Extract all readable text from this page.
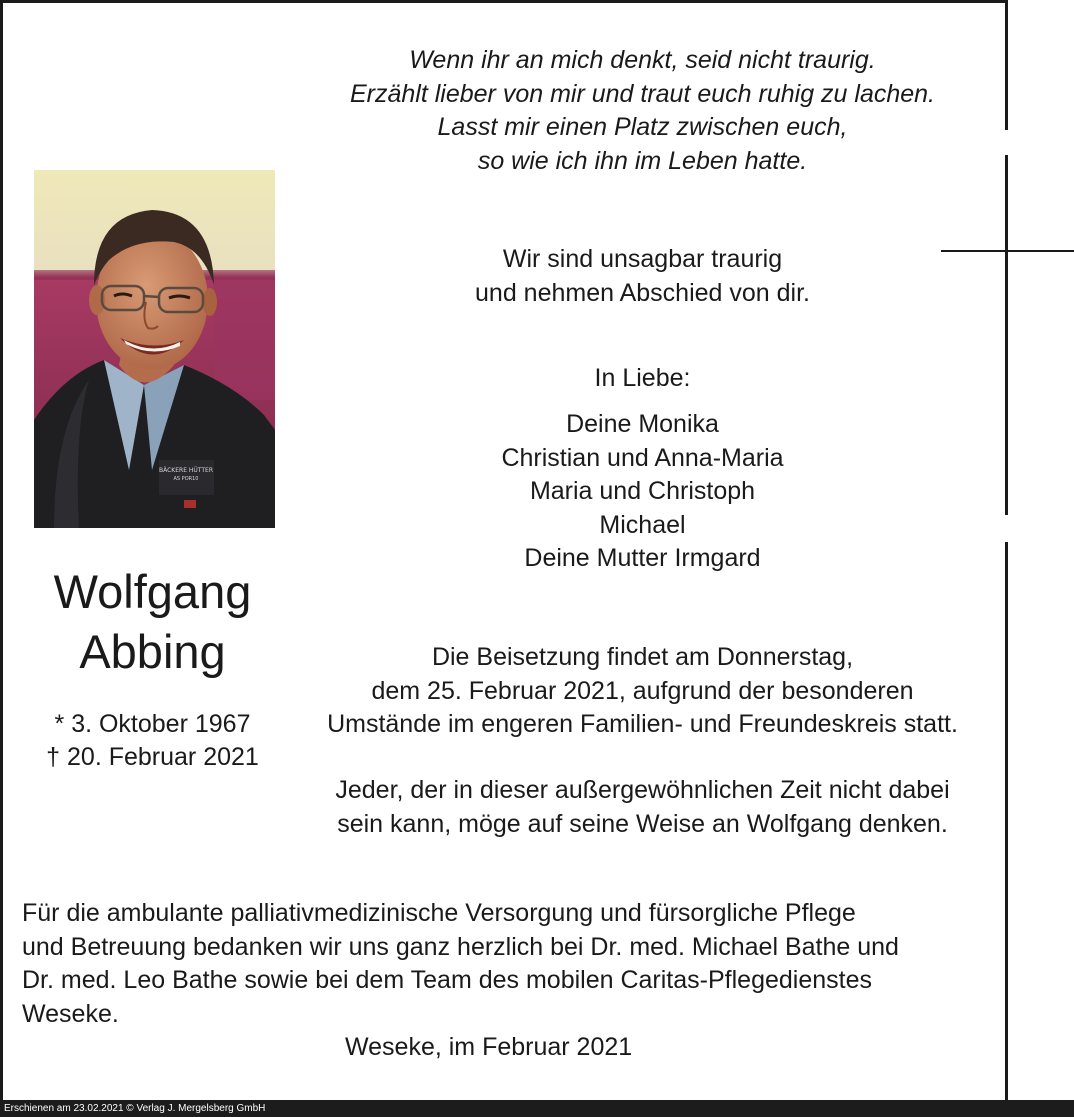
Wenn ihr an mich denkt, seid nicht traurig.
Erzählt lieber von mir und traut euch ruhig zu lachen.
Lasst mir einen Platz zwischen euch,
so wie ich ihn im Leben hatte.
BÄCKERE HÜTTER
AS POR10
Wolfgang
Abbing
* 3. Oktober 1967
† 20. Februar 2021
Wir sind unsagbar traurig
und nehmen Abschied von dir.
In Liebe:
Deine Monika
Christian und Anna-Maria
Maria und Christoph
Michael
Deine Mutter Irmgard
Die Beisetzung findet am Donnerstag,
dem 25. Februar 2021, aufgrund der besonderen
Umstände im engeren Familien- und Freundeskreis statt.
Jeder, der in dieser außergewöhnlichen Zeit nicht dabei
sein kann, möge auf seine Weise an Wolfgang denken.
Für die ambulante palliativmedizinische Versorgung und fürsorgliche Pflege
und Betreuung bedanken wir uns ganz herzlich bei Dr. med. Michael Bathe und
Dr. med. Leo Bathe sowie bei dem Team des mobilen Caritas-Pflegedienstes
Weseke.
Weseke, im Februar 2021
Erschienen am 23.02.2021 © Verlag J. Mergelsberg GmbH
